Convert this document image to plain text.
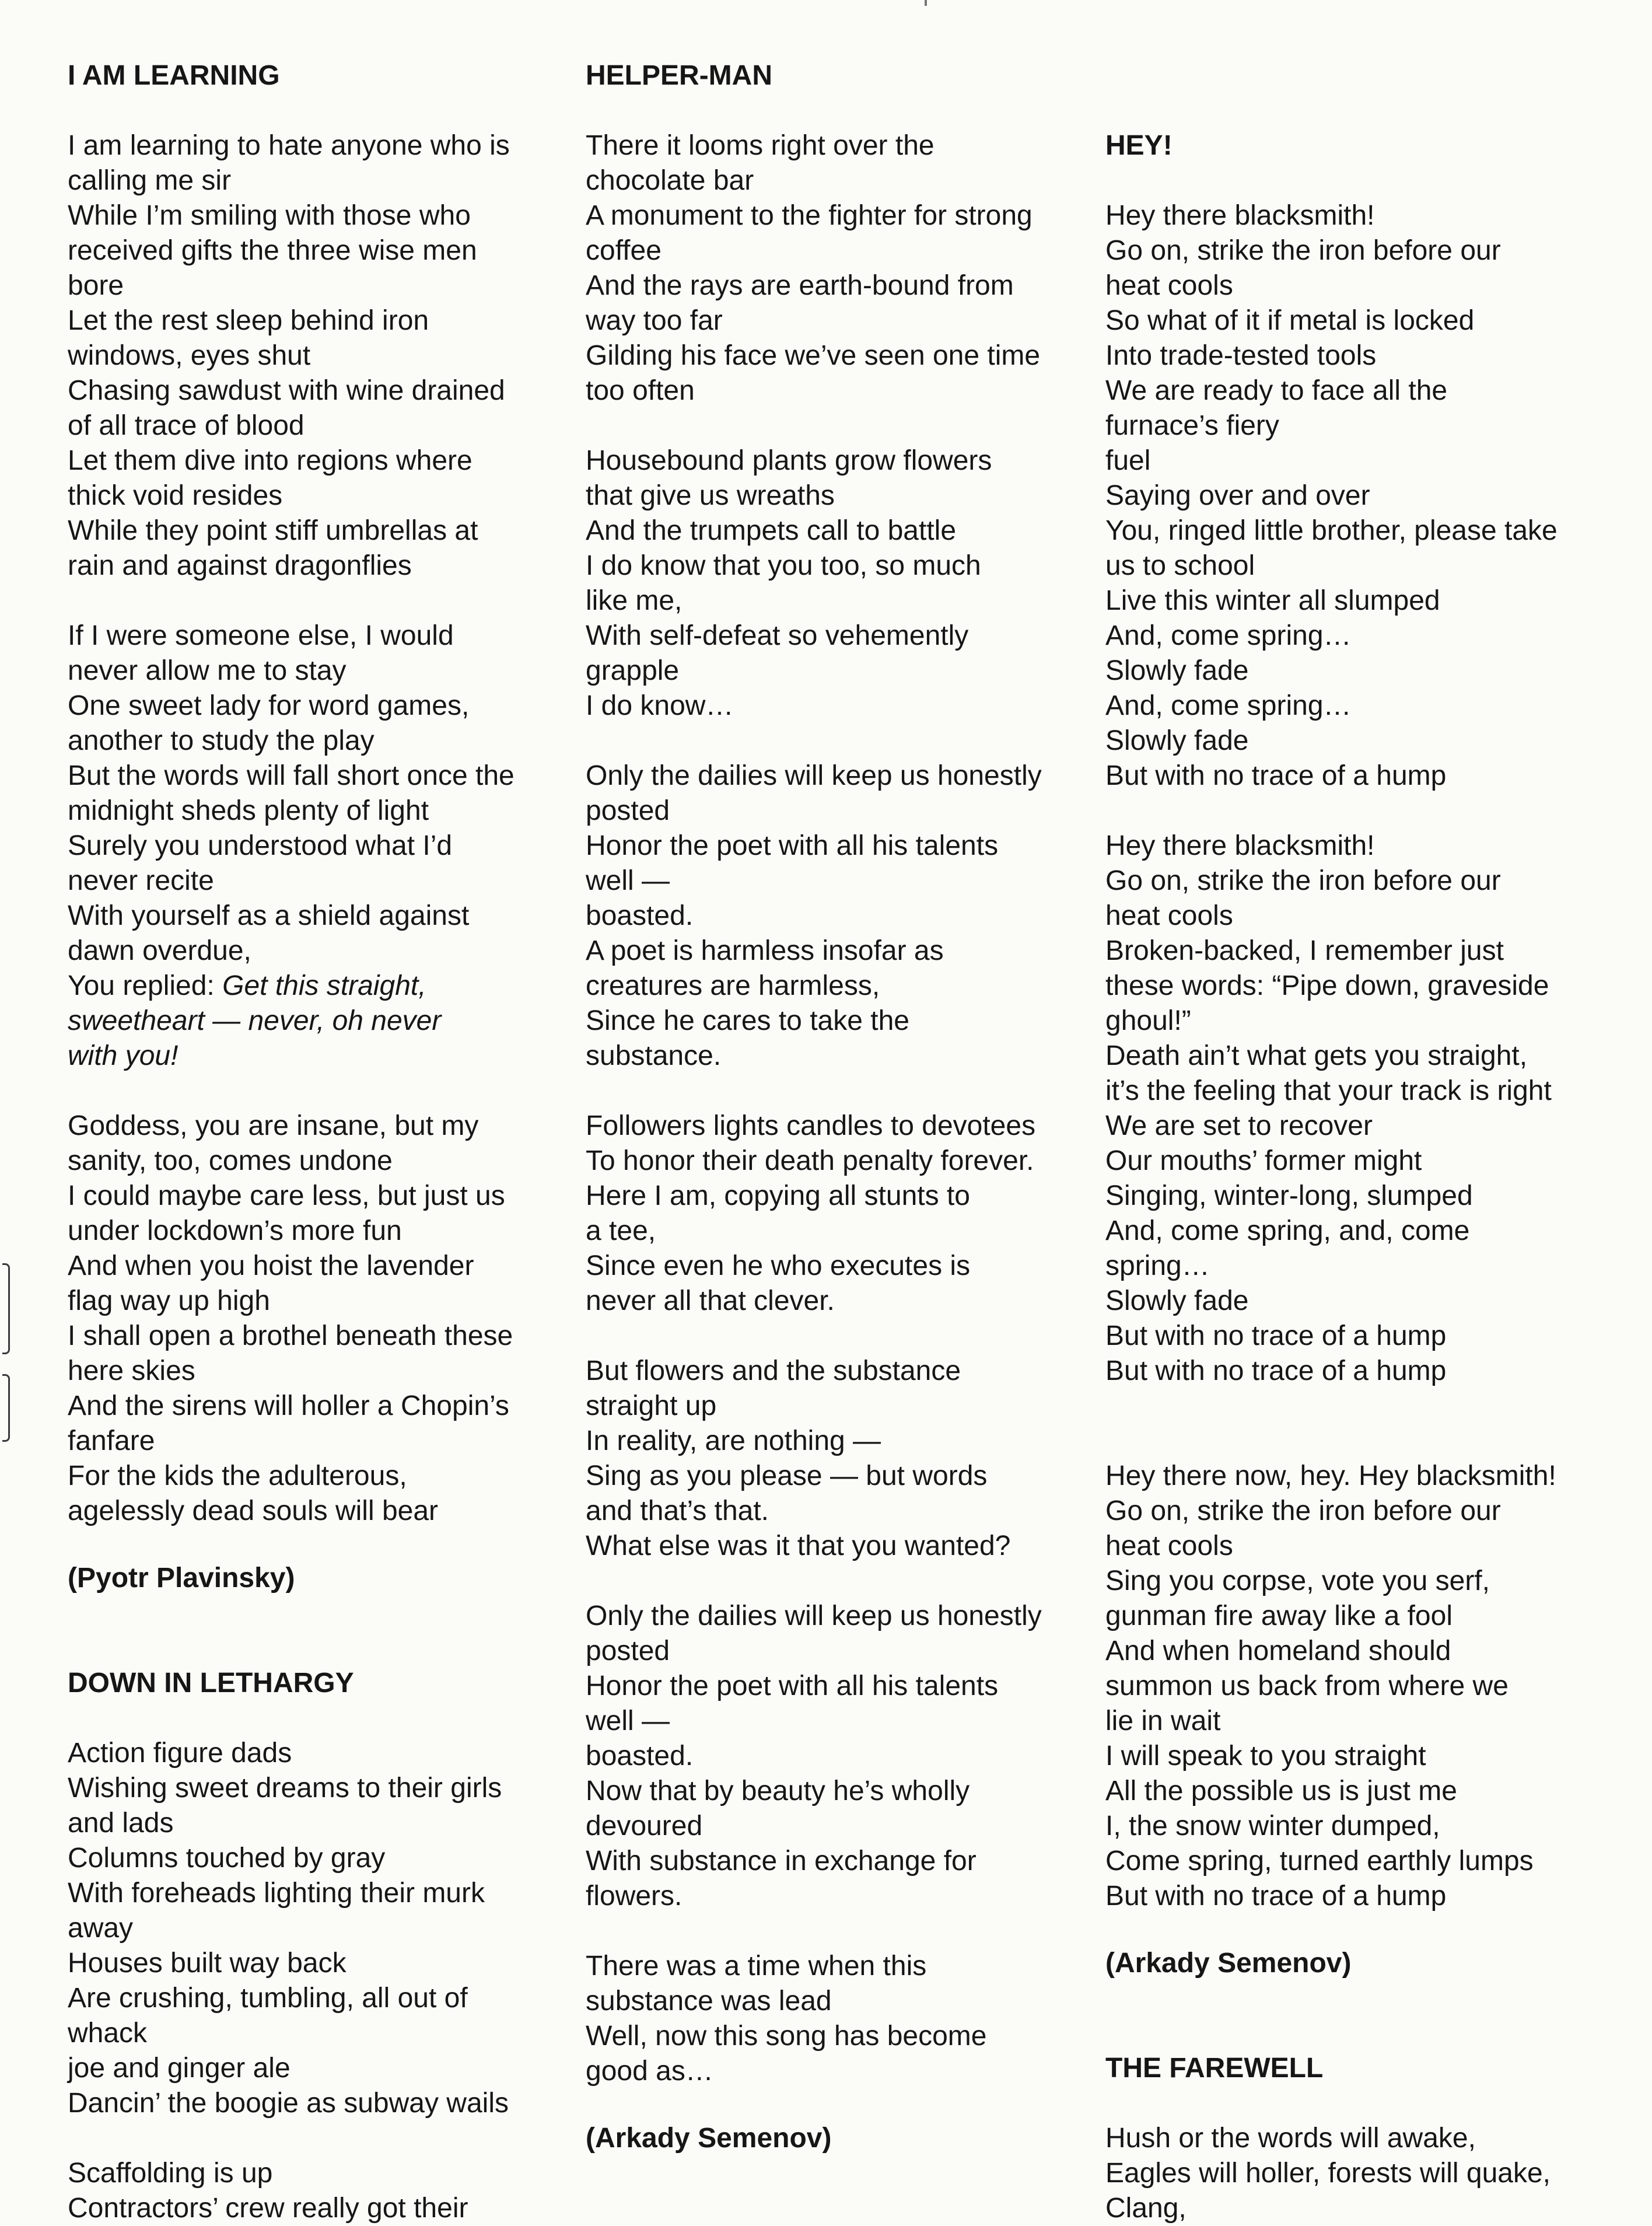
I AM LEARNING
I am learning to hate anyone who is
calling me sir
While I’m smiling with those who
received gifts the three wise men
bore
Let the rest sleep behind iron
windows, eyes shut
Chasing sawdust with wine drained
of all trace of blood
Let them dive into regions where
thick void resides
While they point stiff umbrellas at
rain and against dragonflies
If I were someone else, I would
never allow me to stay
One sweet lady for word games,
another to study the play
But the words will fall short once the
midnight sheds plenty of light
Surely you understood what I’d
never recite
With yourself as a shield against
dawn overdue,
You replied: Get this straight,
sweetheart — never, oh never
with you!
Goddess, you are insane, but my
sanity, too, comes undone
I could maybe care less, but just us
under lockdown’s more fun
And when you hoist the lavender
flag way up high
I shall open a brothel beneath these
here skies
And the sirens will holler a Chopin’s
fanfare
For the kids the adulterous,
agelessly dead souls will bear

(Pyotr Plavinsky)

DOWN IN LETHARGY
Action figure dads
Wishing sweet dreams to their girls
and lads
Columns touched by gray
With foreheads lighting their murk
away
Houses built way back
Are crushing, tumbling, all out of
whack
joe and ginger ale
Dancin’ the boogie as subway wails
Scaffolding is up
Contractors’ crew really got their
HELPER-MAN
There it looms right over the
chocolate bar
A monument to the fighter for strong
coffee
And the rays are earth-bound from
way too far
Gilding his face we’ve seen one time
too often
Housebound plants grow flowers
that give us wreaths
And the trumpets call to battle
I do know that you too, so much
like me,
With self-defeat so vehemently
grapple
I do know…
Only the dailies will keep us honestly
posted
Honor the poet with all his talents
well —
boasted.
A poet is harmless insofar as
creatures are harmless,
Since he cares to take the
substance.
Followers lights candles to devotees
To honor their death penalty forever.
Here I am, copying all stunts to
a tee,
Since even he who executes is
never all that clever.
But flowers and the substance
straight up
In reality, are nothing —
Sing as you please — but words
and that’s that.
What else was it that you wanted?
Only the dailies will keep us honestly
posted
Honor the poet with all his talents
well —
boasted.
Now that by beauty he’s wholly
devoured
With substance in exchange for
flowers.
There was a time when this
substance was lead
Well, now this song has become
good as…

(Arkady Semenov)

HEY!
Hey there blacksmith!
Go on, strike the iron before our
heat cools
So what of it if metal is locked
Into trade-tested tools
We are ready to face all the
furnace’s fiery
fuel
Saying over and over
You, ringed little brother, please take
us to school
Live this winter all slumped
And, come spring…
Slowly fade
And, come spring…
Slowly fade
But with no trace of a hump
Hey there blacksmith!
Go on, strike the iron before our
heat cools
Broken-backed, I remember just
these words: “Pipe down, graveside
ghoul!”
Death ain’t what gets you straight,
it’s the feeling that your track is right
We are set to recover
Our mouths’ former might
Singing, winter-long, slumped
And, come spring, and, come
spring…
Slowly fade
But with no trace of a hump
But with no trace of a hump
Hey there now, hey. Hey blacksmith!
Go on, strike the iron before our
heat cools
Sing you corpse, vote you serf,
gunman fire away like a fool
And when homeland should
summon us back from where we
lie in wait
I will speak to you straight
All the possible us is just me
I, the snow winter dumped,
Come spring, turned earthly lumps
But with no trace of a hump

(Arkady Semenov)

THE FAREWELL
Hush or the words will awake,
Eagles will holler, forests will quake,
Clang,
